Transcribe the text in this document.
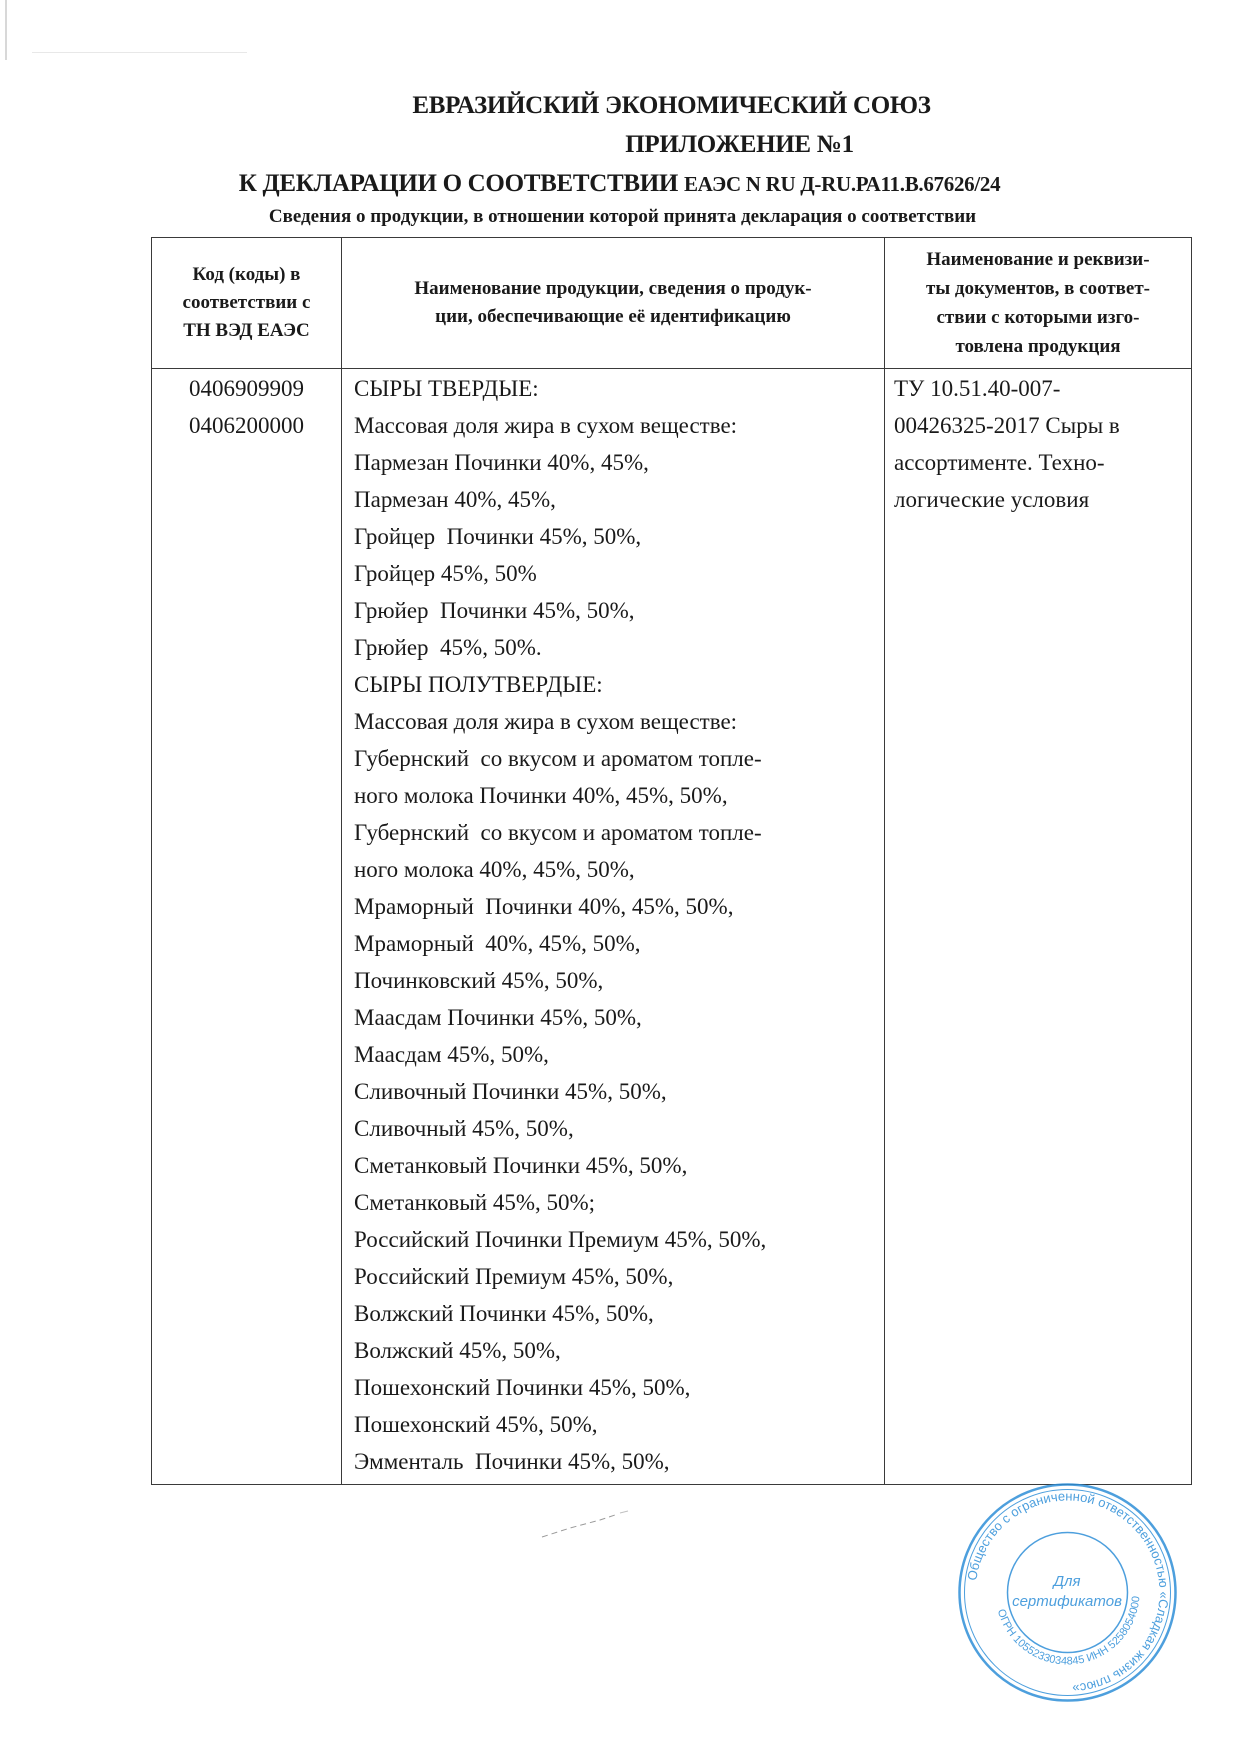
ЕВРАЗИЙСКИЙ ЭКОНОМИЧЕСКИЙ СОЮЗ
ПРИЛОЖЕНИЕ №1
К ДЕКЛАРАЦИИ О СООТВЕТСТВИИ ЕАЭС N RU Д-RU.РА11.В.67626/24
Сведения о продукции, в отношении которой принята декларация о соответствии
Код (коды) в
соответствии с
ТН ВЭД ЕАЭС
Наименование продукции, сведения о продук-
ции, обеспечивающие её идентификацию
Наименование и реквизи-
ты документов, в соответ-
ствии с которыми изго-
товлена продукция
0406909909
0406200000
СЫРЫ ТВЕРДЫЕ:
Массовая доля жира в сухом веществе:
Пармезан Починки 40%, 45%,
Пармезан 40%, 45%,
Гройцер  Починки 45%, 50%,
Гройцер 45%, 50%
Грюйер  Починки 45%, 50%,
Грюйер  45%, 50%.
СЫРЫ ПОЛУТВЕРДЫЕ:
Массовая доля жира в сухом веществе:
Губернский  со вкусом и ароматом топле-
ного молока Починки 40%, 45%, 50%,
Губернский  со вкусом и ароматом топле-
ного молока 40%, 45%, 50%,
Мраморный  Починки 40%, 45%, 50%,
Мраморный  40%, 45%, 50%,
Починковский 45%, 50%,
Маасдам Починки 45%, 50%,
Маасдам 45%, 50%,
Сливочный Починки 45%, 50%,
Сливочный 45%, 50%,
Сметанковый Починки 45%, 50%,
Сметанковый 45%, 50%;
Российский Починки Премиум 45%, 50%,
Российский Премиум 45%, 50%,
Волжский Починки 45%, 50%,
Волжский 45%, 50%,
Пошехонский Починки 45%, 50%,
Пошехонский 45%, 50%,
Эмменталь  Починки 45%, 50%,
ТУ 10.51.40-007-
00426325-2017 Сыры в
ассортименте. Техно-
логические условия
Общество с ограниченной ответственностью «Сладкая жизнь плюс»
ОГРН 1055233034845 ИНН 5258054000
Для
сертификатов
